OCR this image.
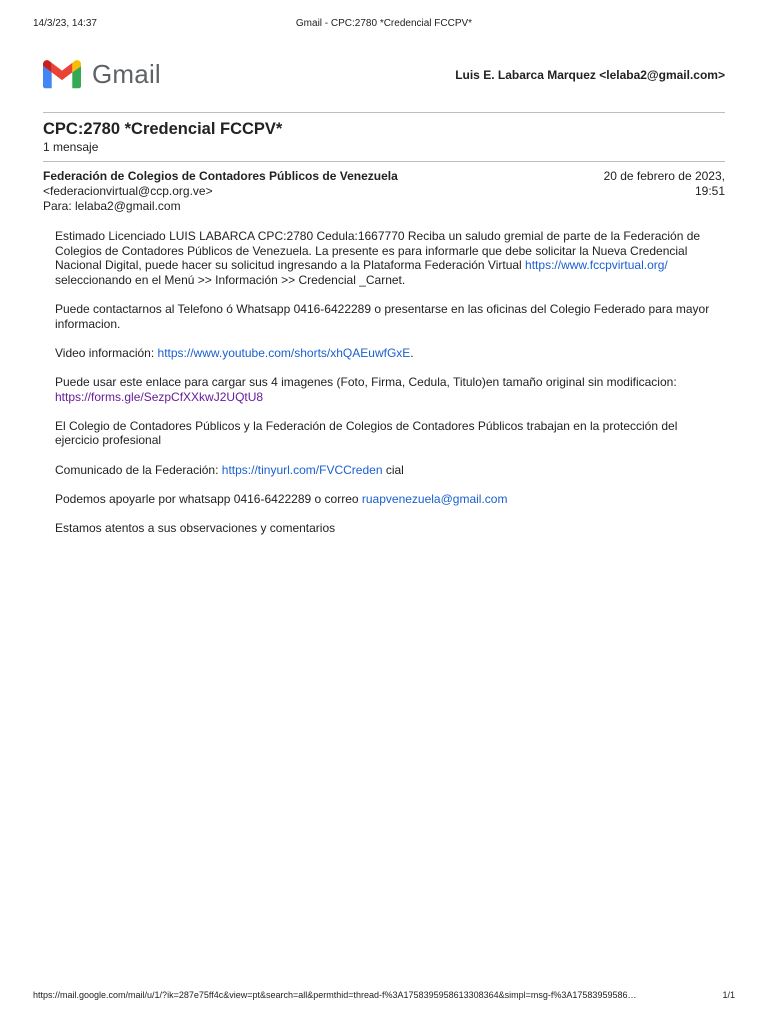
14/3/23, 14:37	Gmail - CPC:2780 *Credencial FCCPV*
Gmail	Luis E. Labarca Marquez <lelaba2@gmail.com>
CPC:2780 *Credencial FCCPV*
1 mensaje
Federación de Colegios de Contadores Públicos de Venezuela
<federacionvirtual@ccp.org.ve>
Para: lelaba2@gmail.com
20 de febrero de 2023,
19:51

Estimado Licenciado LUIS LABARCA CPC:2780 Cedula:1667770 Reciba un saludo gremial de parte de la Federación de Colegios de Contadores Públicos de Venezuela. La presente es para informarle que debe solicitar la Nueva Credencial Nacional Digital, puede hacer su solicitud ingresando a la Plataforma Federación Virtual https://www.fccpvirtual.org/ seleccionando en el Menú >> Información >> Credencial _Carnet.

Puede contactarnos al Telefono ó Whatsapp 0416-6422289 o presentarse en las oficinas del Colegio Federado para mayor informacion.

Video información: https://www.youtube.com/shorts/xhQAEuwfGxE.

Puede usar este enlace para cargar sus 4 imagenes (Foto, Firma, Cedula, Titulo)en tamaño original sin modificacion:
https://forms.gle/SezpCfXXkwJ2UQtU8

El Colegio de Contadores Públicos y la Federación de Colegios de Contadores Públicos trabajan en la protección del ejercicio profesional

Comunicado de la Federación: https://tinyurl.com/FVCCreden cial

Podemos apoyarle por whatsapp 0416-6422289 o correo ruapvenezuela@gmail.com

Estamos atentos a sus observaciones y comentarios

https://mail.google.com/mail/u/1/?ik=287e75ff4c&view=pt&search=all&permthid=thread-f%3A1758395958613308364&simpl=msg-f%3A17583959586…	1/1
